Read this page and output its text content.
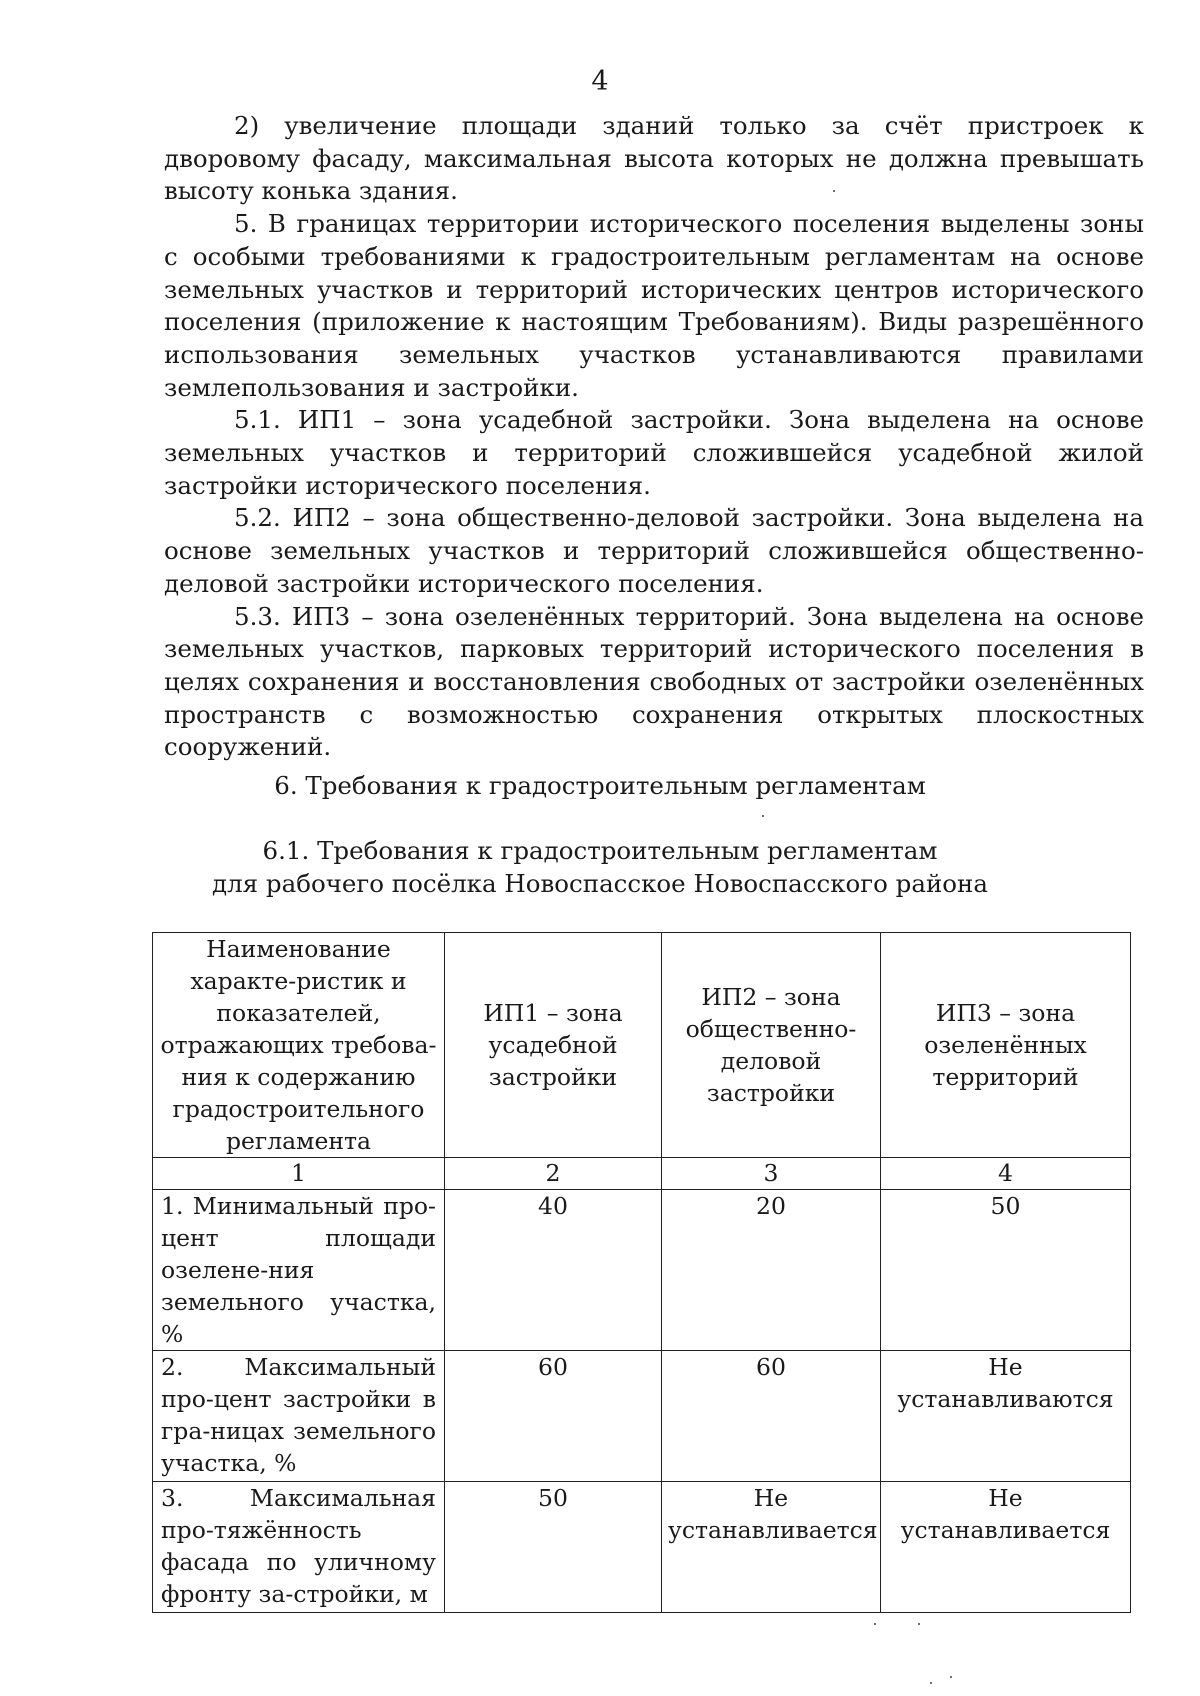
4

2) увеличение площади зданий только за счёт пристроек к дворовому фасаду, максимальная высота которых не должна превышать высоту конька здания.

5. В границах территории исторического поселения выделены зоны с особыми требованиями к градостроительным регламентам на основе земельных участков и территорий исторических центров исторического поселения (приложение к настоящим Требованиям). Виды разрешённого использования земельных участков устанавливаются правилами землепользования и застройки.

5.1. ИП1 – зона усадебной застройки. Зона выделена на основе земельных участков и территорий сложившейся усадебной жилой застройки исторического поселения.

5.2. ИП2 – зона общественно-деловой застройки. Зона выделена на основе земельных участков и территорий сложившейся общественно-деловой застройки исторического поселения.

5.3. ИП3 – зона озеленённых территорий. Зона выделена на основе земельных участков, парковых территорий исторического поселения в целях сохранения и восстановления свободных от застройки озеленённых пространств с возможностью сохранения открытых плоскостных сооружений.

6. Требования к градостроительным регламентам
6.1. Требования к градостроительным регламентам
для рабочего посёлка Новоспасское Новоспасского района
Наименование характе-ристик и показателей, отражающих требова-ния к содержанию градостроительного регламента	ИП1 – зона усадебной застройки	ИП2 – зона общественно-деловой застройки	ИП3 – зона озеленённых территорий
1	2	3	4
1. Минимальный про-цент площади озелене-ния земельного участка, %	40	20	50
2. Максимальный про-цент застройки в гра-ницах земельного участка, %	60	60	Не устанавливаются
3. Максимальная про-тяжённость фасада по уличному фронту за-стройки, м	50	Не устанавливается	Не устанавливается
